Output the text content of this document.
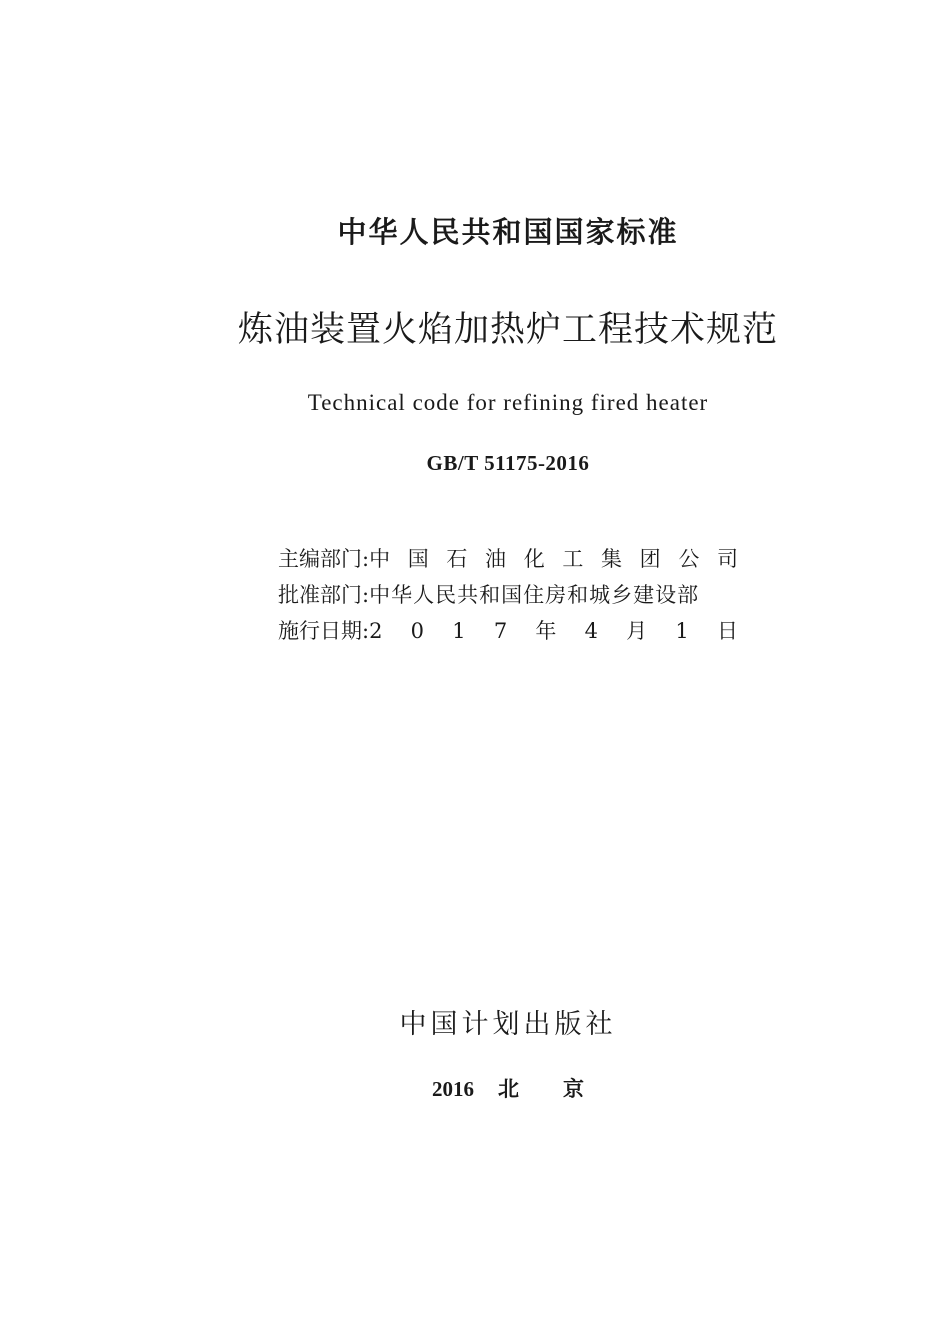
中华人民共和国国家标准
炼油装置火焰加热炉工程技术规范
Technical code for refining fired heater
GB/T 51175-2016
主编部门: 中 国 石 油 化 工 集 团 公 司
批准部门: 中华人民共和国住房和城乡建设部
施行日期: 2 0 1 7 年 4 月 1 日
中国计划出版社
2016 北 京
